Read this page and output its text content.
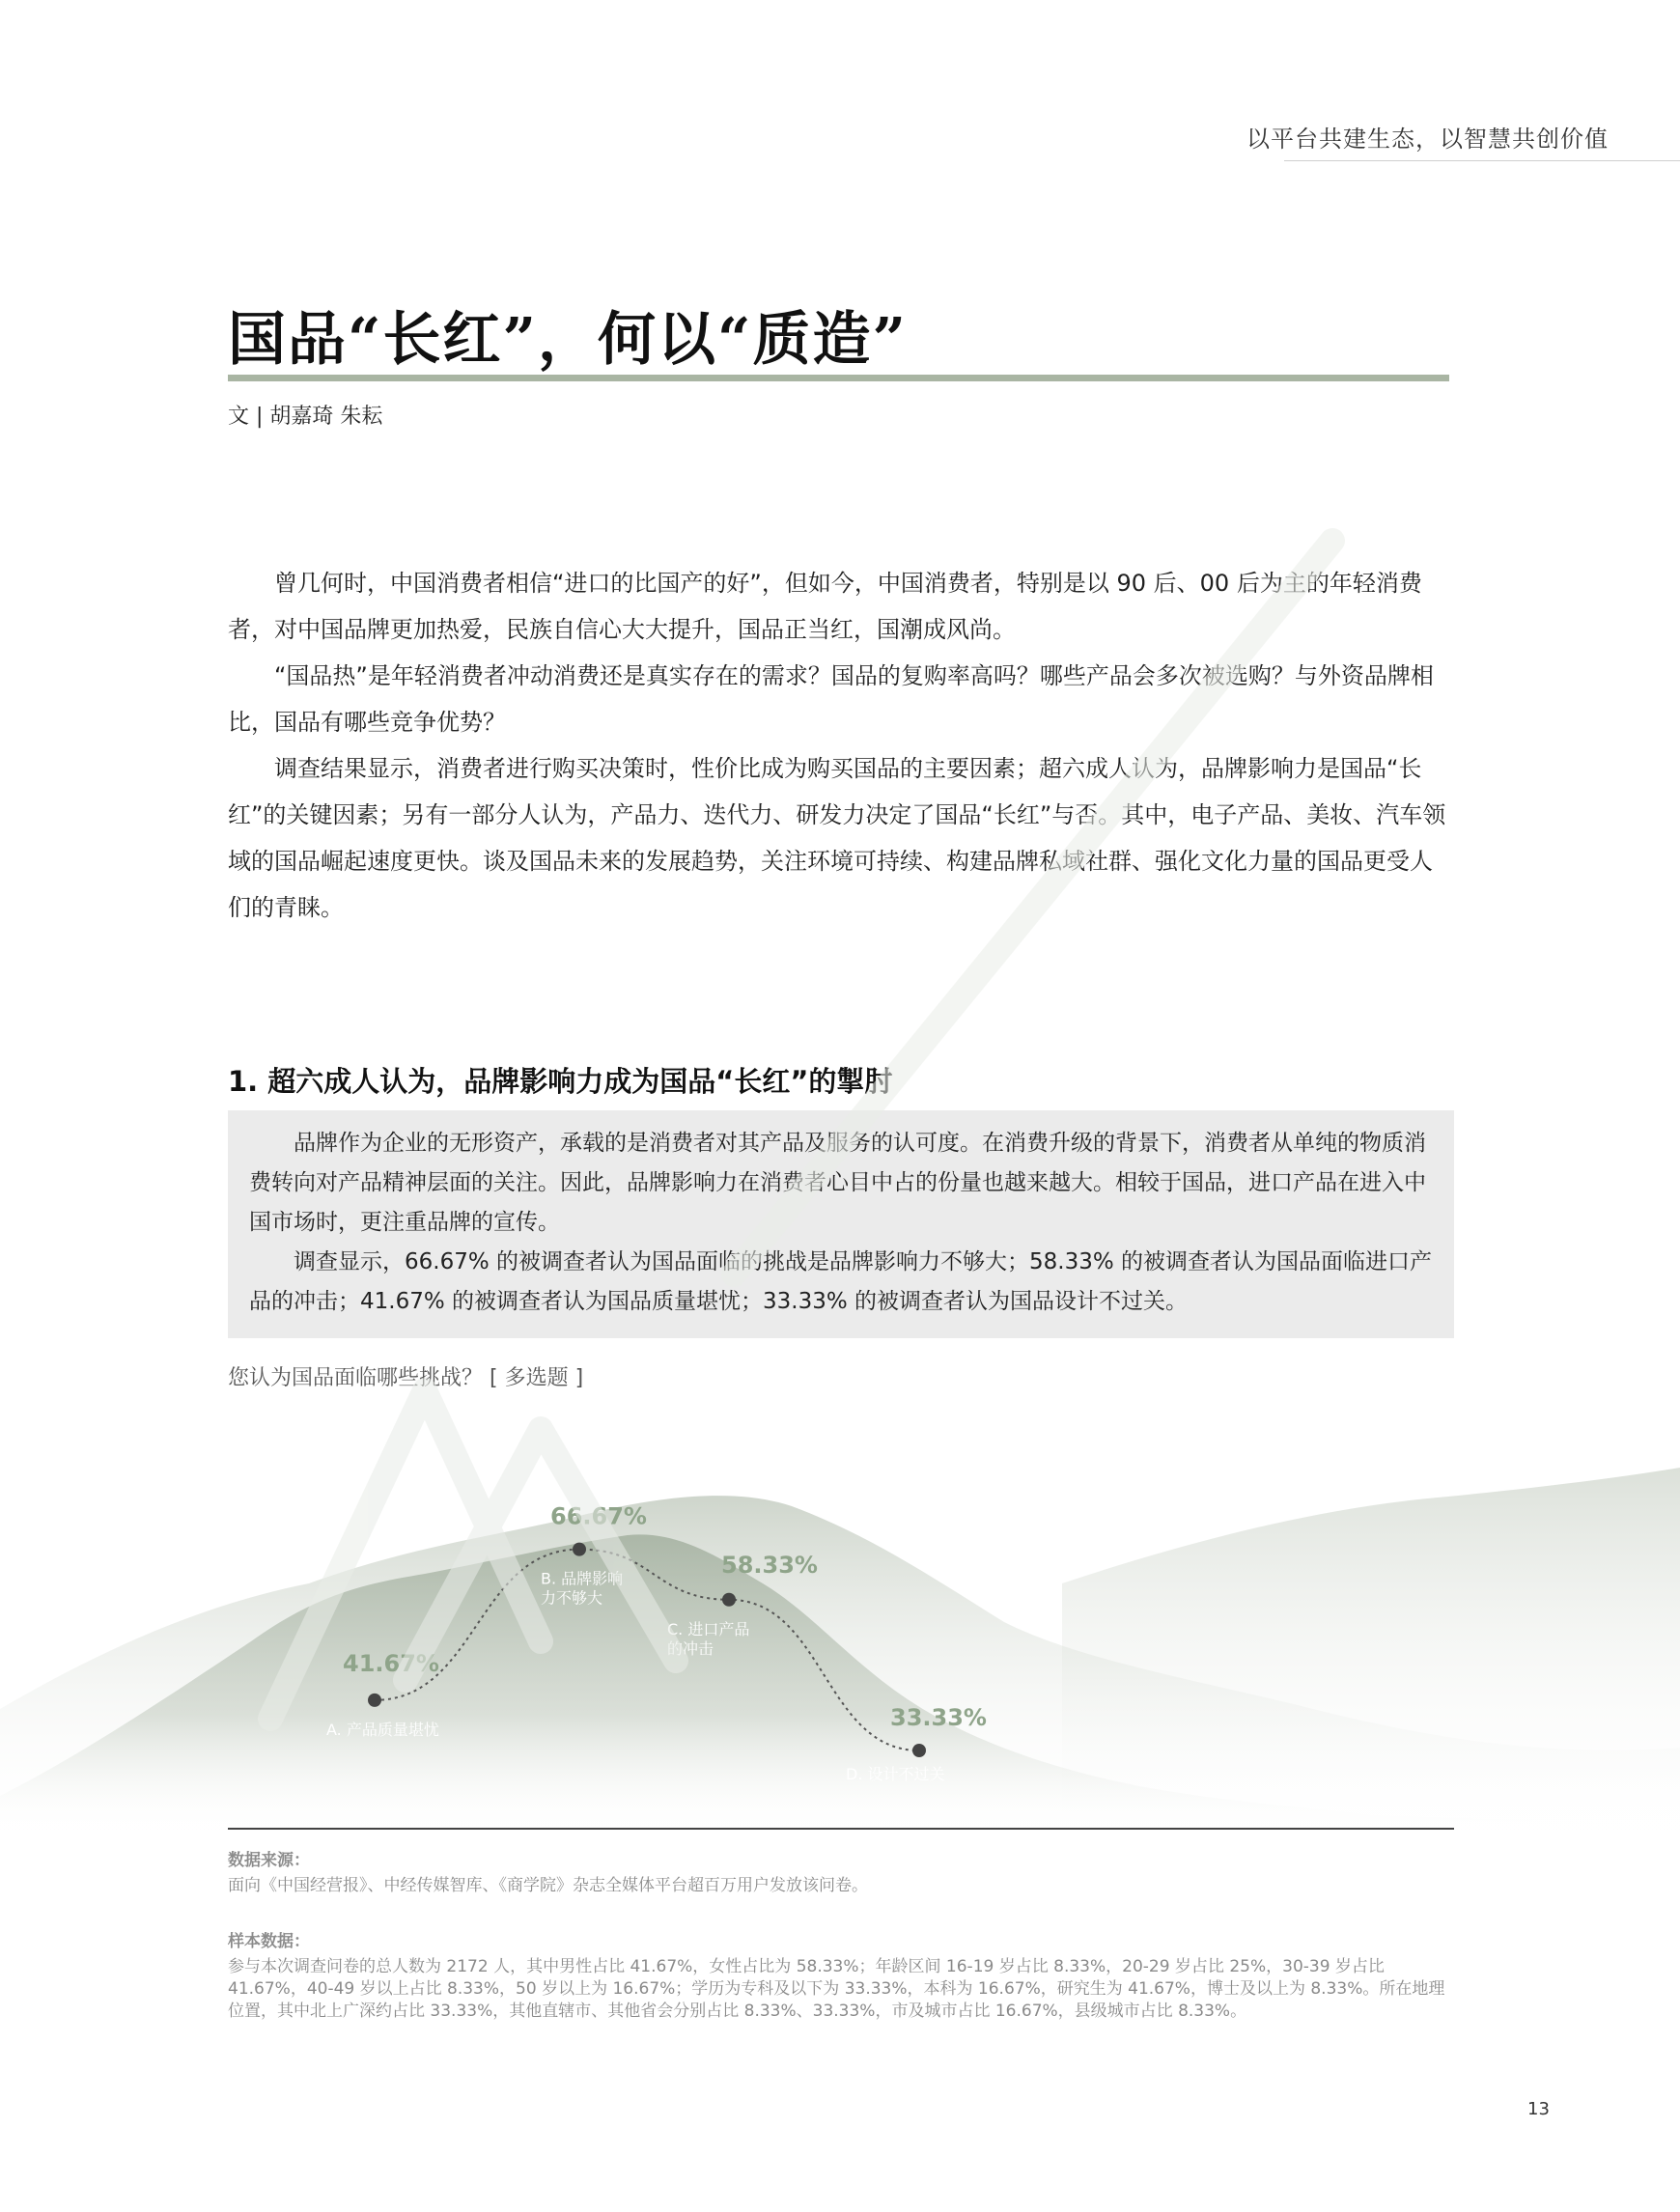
以平台共建生态，以智慧共创价值
国品“长红”，何以“质造”
文 | 胡嘉琦 朱耘

曾几何时，中国消费者相信“进口的比国产的好”，但如今，中国消费者，特别是以 90 后、00 后为主的年轻消费者，对中国品牌更加热爱，民族自信心大大提升，国品正当红，国潮成风尚。

“国品热”是年轻消费者冲动消费还是真实存在的需求？国品的复购率高吗？哪些产品会多次被选购？与外资品牌相比，国品有哪些竞争优势？

调查结果显示，消费者进行购买决策时，性价比成为购买国品的主要因素；超六成人认为，品牌影响力是国品“长红”的关键因素；另有一部分人认为，产品力、迭代力、研发力决定了国品“长红”与否。其中，电子产品、美妆、汽车领域的国品崛起速度更快。谈及国品未来的发展趋势，关注环境可持续、构建品牌私域社群、强化文化力量的国品更受人们的青睐。

1. 超六成人认为，品牌影响力成为国品“长红”的掣肘

品牌作为企业的无形资产，承载的是消费者对其产品及服务的认可度。在消费升级的背景下，消费者从单纯的物质消费转向对产品精神层面的关注。因此，品牌影响力在消费者心目中占的份量也越来越大。相较于国品，进口产品在进入中国市场时，更注重品牌的宣传。

调查显示，66.67% 的被调查者认为国品面临的挑战是品牌影响力不够大；58.33% 的被调查者认为国品面临进口产品的冲击；41.67% 的被调查者认为国品质量堪忧；33.33% 的被调查者认为国品设计不过关。

您认为国品面临哪些挑战？ [ 多选题 ]
41.67%
A. 产品质量堪忧
66.67%
B. 品牌影响
力不够大
58.33%
C. 进口产品
的冲击
33.33%
D. 设计不过关
数据来源：
面向《中国经营报》、中经传媒智库、《商学院》杂志全媒体平台超百万用户发放该问卷。
样本数据：
参与本次调查问卷的总人数为 2172 人，其中男性占比 41.67%，女性占比为 58.33%；年龄区间 16-19 岁占比 8.33%，20-29 岁占比 25%，30-39 岁占比 41.67%，40-49 岁以上占比 8.33%，50 岁以上为 16.67%；学历为专科及以下为 33.33%，本科为 16.67%，研究生为 41.67%，博士及以上为 8.33%。所在地理位置，其中北上广深约占比 33.33%，其他直辖市、其他省会分别占比 8.33%、33.33%，市及城市占比 16.67%，县级城市占比 8.33%。
13
